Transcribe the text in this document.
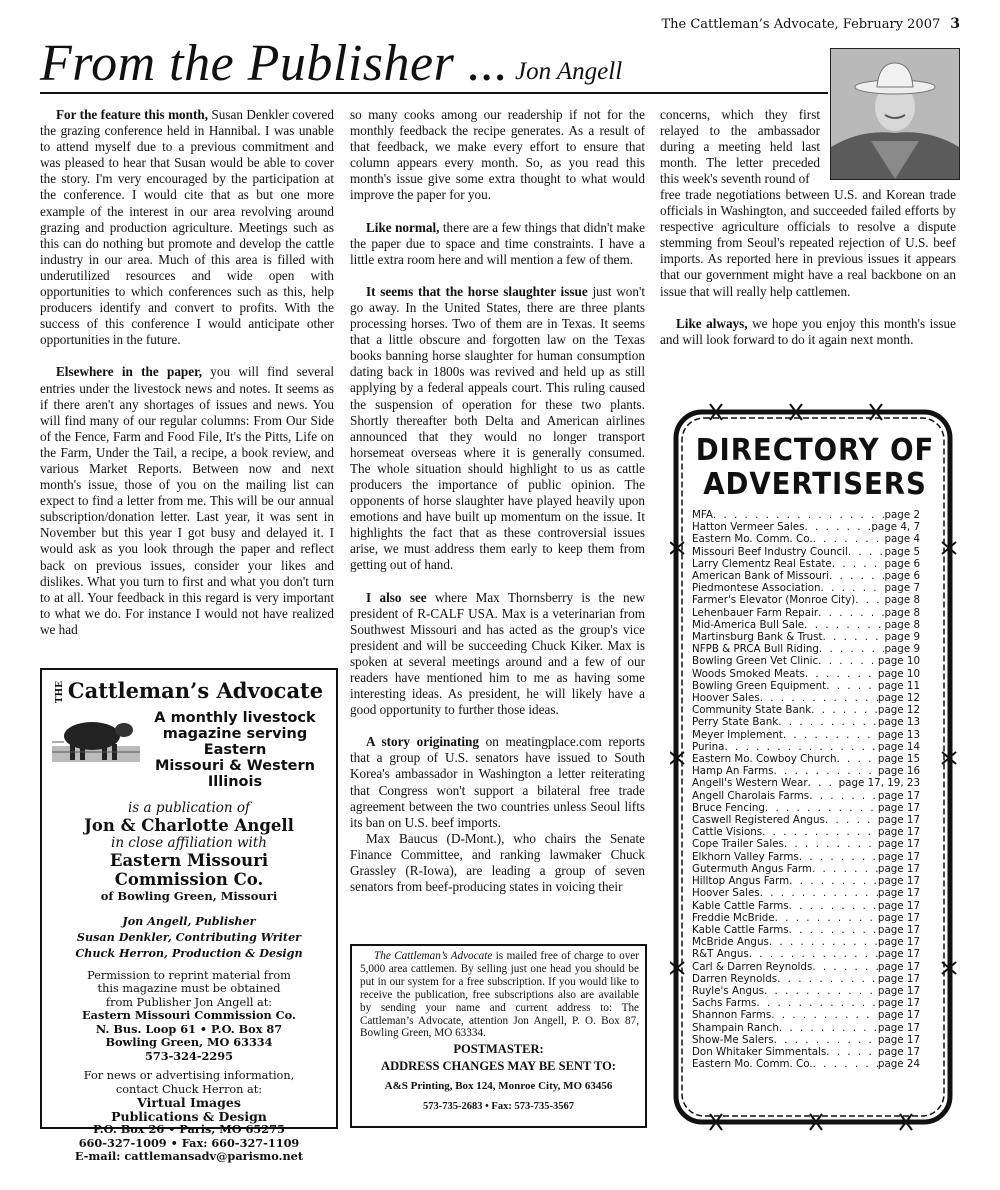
The Cattleman’s Advocate, February 2007 3
From the Publisher ... Jon Angell

For the feature this month, Susan Denkler covered the grazing conference held in Hannibal. I was unable to attend myself due to a previous commitment and was pleased to hear that Susan would be able to cover the story. I'm very encouraged by the participation at the conference. I would cite that as but one more example of the interest in our area revolving around grazing and production agriculture. Meetings such as this can do nothing but promote and develop the cattle industry in our area. Much of this area is filled with underutilized resources and wide open with opportunities to which conferences such as this, help producers identify and convert to profits. With the success of this conference I would anticipate other opportunities in the future.

Elsewhere in the paper, you will find several entries under the livestock news and notes. It seems as if there aren't any shortages of issues and news. You will find many of our regular columns: From Our Side of the Fence, Farm and Food File, It's the Pitts, Life on the Farm, Under the Tail, a recipe, a book review, and various Market Reports. Between now and next month's issue, those of you on the mailing list can expect to find a letter from me. This will be our annual subscription/donation letter. Last year, it was sent in November but this year I got busy and delayed it. I would ask as you look through the paper and reflect back on previous issues, consider your likes and dislikes. What you turn to first and what you don't turn to at all. Your feedback in this regard is very important to what we do. For instance I would not have realized we had

so many cooks among our readership if not for the monthly feedback the recipe generates. As a result of that feedback, we make every effort to ensure that column appears every month. So, as you read this month's issue give some extra thought to what would improve the paper for you.

Like normal, there are a few things that didn't make the paper due to space and time constraints. I have a little extra room here and will mention a few of them.

It seems that the horse slaughter issue just won't go away. In the United States, there are three plants processing horses. Two of them are in Texas. It seems that a little obscure and forgotten law on the Texas books banning horse slaughter for human consumption dating back in 1800s was revived and held up as still applying by a federal appeals court. This ruling caused the suspension of operation for these two plants. Shortly thereafter both Delta and American airlines announced that they would no longer transport horsemeat overseas where it is generally consumed. The whole situation should highlight to us as cattle producers the importance of public opinion. The opponents of horse slaughter have played heavily upon emotions and have built up momentum on the issue. It highlights the fact that as these controversial issues arise, we must address them early to keep them from getting out of hand.

I also see where Max Thornsberry is the new president of R-CALF USA. Max is a veterinarian from Southwest Missouri and has acted as the group's vice president and will be succeeding Chuck Kiker. Max is spoken at several meetings around and a few of our readers have mentioned him to me as having some interesting ideas. As president, he will likely have a good opportunity to further those ideas.

A story originating on meatingplace.com reports that a group of U.S. senators have issued to South Korea's ambassador in Washington a letter reiterating that Congress won't support a bilateral free trade agreement between the two countries unless Seoul lifts its ban on U.S. beef imports.

Max Baucus (D-Mont.), who chairs the Senate Finance Committee, and ranking lawmaker Chuck Grassley (R-Iowa), are leading a group of seven senators from beef-producing states in voicing their

concerns, which they first relayed to the ambassador during a meeting held last month. The letter preceded this week's seventh round of

free trade negotiations between U.S. and Korean trade officials in Washington, and succeeded failed efforts by respective agriculture officials to resolve a dispute stemming from Seoul's repeated rejection of U.S. beef imports. As reported here in previous issues it appears that our government might have a real backbone on an issue that will really help cattlemen.

Like always, we hope you enjoy this month's issue and will look forward to do it again next month.

THE Cattleman’s Advocate
A monthly livestock
magazine serving Eastern
Missouri & Western Illinois
is a publication of
Jon & Charlotte Angell
in close affiliation with
Eastern Missouri
Commission Co.
of Bowling Green, Missouri
Jon Angell, Publisher
Susan Denkler, Contributing Writer
Chuck Herron, Production & Design
Permission to reprint material from
this magazine must be obtained
from Publisher Jon Angell at:
Eastern Missouri Commission Co.
N. Bus. Loop 61 • P.O. Box 87
Bowling Green, MO 63334
573-324-2295
For news or advertising information,
contact Chuck Herron at:
Virtual Images
Publications & Design
P.O. Box 26 • Paris, MO 65275
660-327-1009 • Fax: 660-327-1109
E-mail: cattlemansadv@parismo.net
The Cattleman’s Advocate is mailed free of charge to over 5,000 area cattlemen. By selling just one head you should be put in our system for a free subscription. If you would like to receive the publication, free subscriptions also are available by sending your name and current address to: The Cattleman’s Advocate, attention Jon Angell, P. O. Box 87, Bowling Green, MO 63334.
POSTMASTER:
ADDRESS CHANGES MAY BE SENT TO:
A&S Printing, Box 124, Monroe City, MO 63456
573-735-2683 • Fax: 573-735-3567
DIRECTORY OF
ADVERTISERS
MFA . . .	page 2
Hatton Vermeer Sales . . .	page 4, 7
Eastern Mo. Comm. Co. . . .	page 4
Missouri Beef Industry Council . . .	page 5
Larry Clementz Real Estate . . .	page 6
American Bank of Missouri . . .	page 6
Piedmontese Association . . .	page 7
Farmer's Elevator (Monroe City) . . .	page 8
Lehenbauer Farm Repair . . .	page 8
Mid-America Bull Sale . . .	page 8
Martinsburg Bank & Trust . . .	page 9
NFPB & PRCA Bull Riding . . .	page 9
Bowling Green Vet Clinic . . .	page 10
Woods Smoked Meats . . .	page 10
Bowling Green Equipment . . .	page 11
Hoover Sales . . .	page 12
Community State Bank . . .	page 12
Perry State Bank . . .	page 13
Meyer Implement . . .	page 13
Purina . . .	page 14
Eastern Mo. Cowboy Church . . .	page 15
Hamp An Farms . . .	page 16
Angell's Western Wear . . .	page 17, 19, 23
Angell Charolais Farms . . .	page 17
Bruce Fencing . . .	page 17
Caswell Registered Angus . . .	page 17
Cattle Visions . . .	page 17
Cope Trailer Sales . . .	page 17
Elkhorn Valley Farms . . .	page 17
Gutermuth Angus Farm . . .	page 17
Hilltop Angus Farm . . .	page 17
Hoover Sales . . .	page 17
Kable Cattle Farms . . .	page 17
Freddie McBride . . .	page 17
Kable Cattle Farms . . .	page 17
McBride Angus . . .	page 17
R&T Angus . . .	page 17
Carl & Darren Reynolds . . .	page 17
Darren Reynolds . . .	page 17
Ruyle's Angus . . .	page 17
Sachs Farms . . .	page 17
Shannon Farms . . .	page 17
Shampain Ranch . . .	page 17
Show-Me Salers . . .	page 17
Don Whitaker Simmentals . . .	page 17
Eastern Mo. Comm. Co. . . .	page 24
